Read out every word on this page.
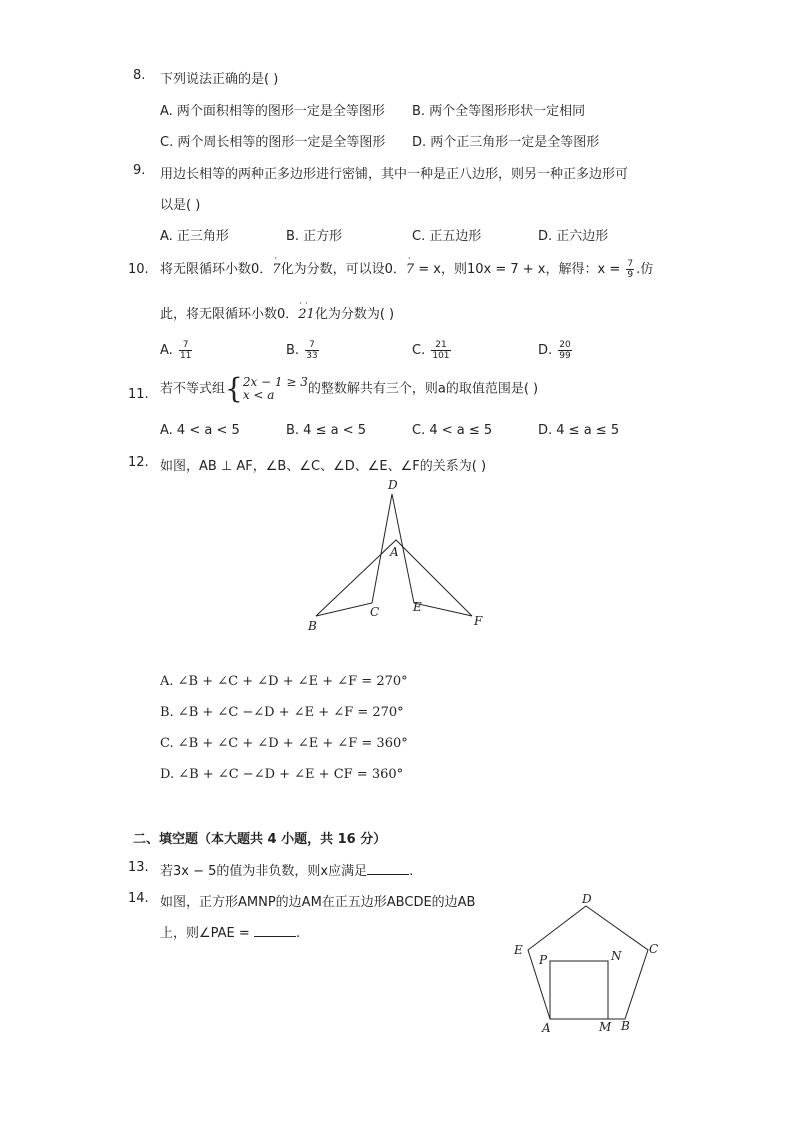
8. 下列说法正确的是( )
A. 两个面积相等的图形一定是全等图形 B. 两个全等图形形状一定相同
C. 两个周长相等的图形一定是全等图形 D. 两个正三角形一定是全等图形
9. 用边长相等的两种正多边形进行密铺，其中一种是正八边形，则另一种正多边形可
以是( )
A. 正三角形	B. 正方形	C. 正五边形	D. 正六边形
10. 将无限循环小数0．
·
7化为分数，可以设0．
·
7 = x，则10x = 7 + x，解得：$x = \frac{7}{9}$ .仿
此，将无限循环小数0．
· ·
21化为分数为( )
A. $\frac{7}{11}$	B. $\frac{7}{33}$	C. $\frac{21}{101}$	D. $\frac{20}{99}$
11. 若不等式组{ 2x − 1 ≥ 3
x < a	的整数解共有三个，则a的取值范围是( )
A. 4 < a < 5	B. 4 ≤ a < 5	C. 4 < a ≤ 5	D. 4 ≤ a ≤ 5
12. 如图，AB ⊥ AF，∠B、∠C、∠D、∠E、∠F的关系为( )
D
A
B
C	E
F
A. ∠B + ∠C + ∠D + ∠E + ∠F = 270°
B. ∠B + ∠C −∠D + ∠E + ∠F = 270°
C. ∠B + ∠C + ∠D + ∠E + ∠F = 360°
D. ∠B + ∠C −∠D + ∠E + CF = 360°
二、填空题（本大题共 4 小题，共 16 分）
13. 若3x − 5的值为非负数，则x应满足	.
14. 如图，正方形AMNP的边AM在正五边形ABCDE的边AB
上，则∠PAE =	.
D
E	C
P	N
A	M B
